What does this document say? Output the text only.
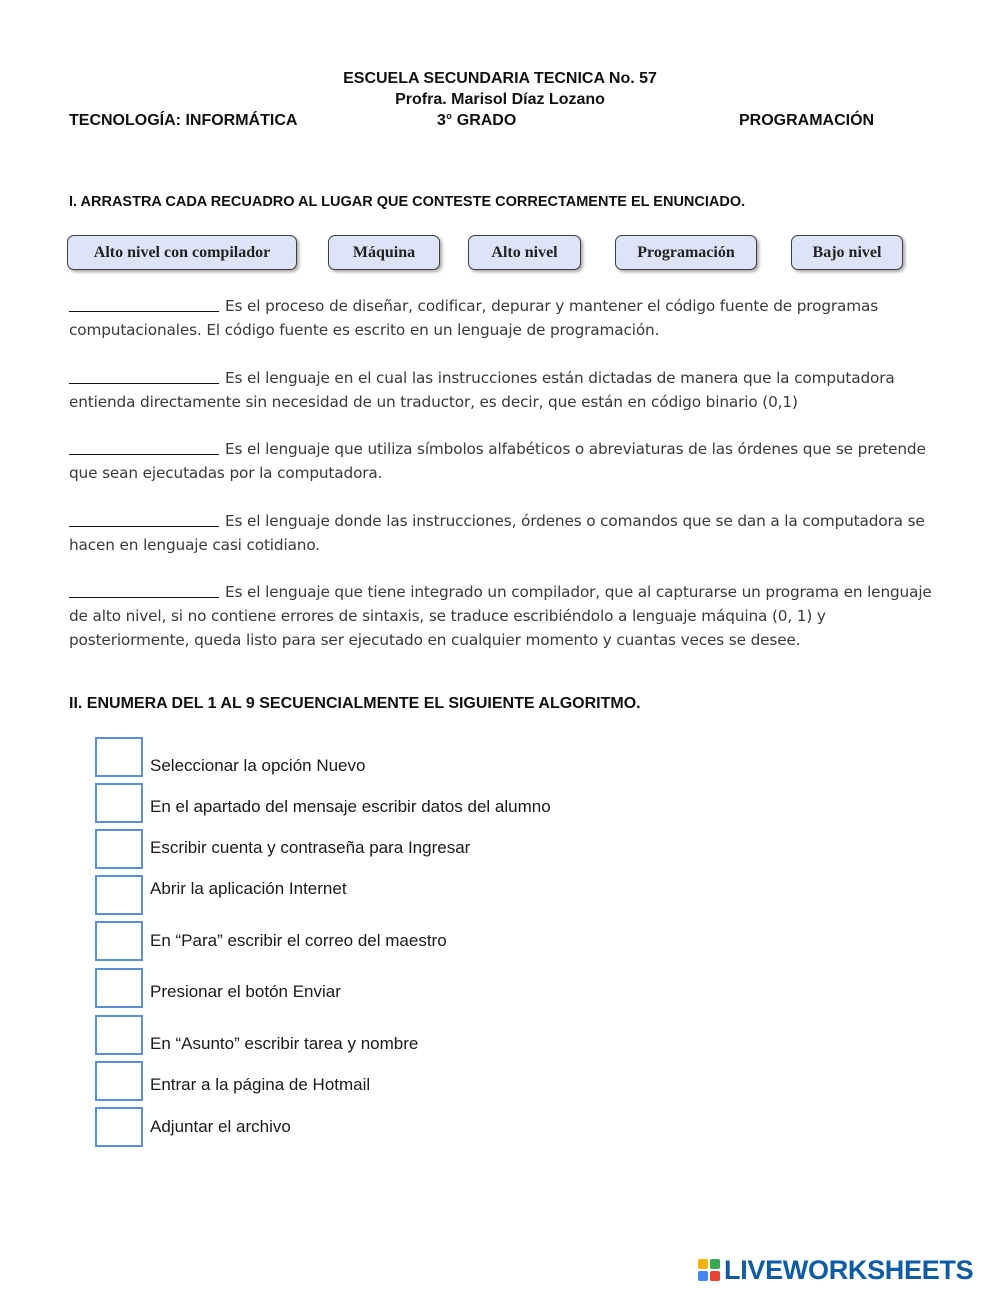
ESCUELA SECUNDARIA TECNICA No. 57
Profra. Marisol Díaz Lozano
TECNOLOGÍA: INFORMÁTICA	3° GRADO	PROGRAMACIÓN
I. ARRASTRA CADA RECUADRO AL LUGAR QUE CONTESTE CORRECTAMENTE EL ENUNCIADO.
Alto nivel con compilador	Máquina	Alto nivel	Programación	Bajo nivel
Es el proceso de diseñar, codificar, depurar y mantener el código fuente de programas computacionales. El código fuente es escrito en un lenguaje de programación.
Es el lenguaje en el cual las instrucciones están dictadas de manera que la computadora entienda directamente sin necesidad de un traductor, es decir, que están en código binario (0,1)
Es el lenguaje que utiliza símbolos alfabéticos o abreviaturas de las órdenes que se pretende que sean ejecutadas por la computadora.
Es el lenguaje donde las instrucciones, órdenes o comandos que se dan a la computadora se hacen en lenguaje casi cotidiano.
Es el lenguaje que tiene integrado un compilador, que al capturarse un programa en lenguaje de alto nivel, si no contiene errores de sintaxis, se traduce escribiéndolo a lenguaje máquina (0, 1) y posteriormente, queda listo para ser ejecutado en cualquier momento y cuantas veces se desee.
II. ENUMERA DEL 1 AL 9 SECUENCIALMENTE EL SIGUIENTE ALGORITMO.
Seleccionar la opción Nuevo
En el apartado del mensaje escribir datos del alumno
Escribir cuenta y contraseña para Ingresar
Abrir la aplicación Internet
En “Para” escribir el correo del maestro
Presionar el botón Enviar
En “Asunto” escribir tarea y nombre
Entrar a la página de Hotmail
Adjuntar el archivo
LIVEWORKSHEETS
